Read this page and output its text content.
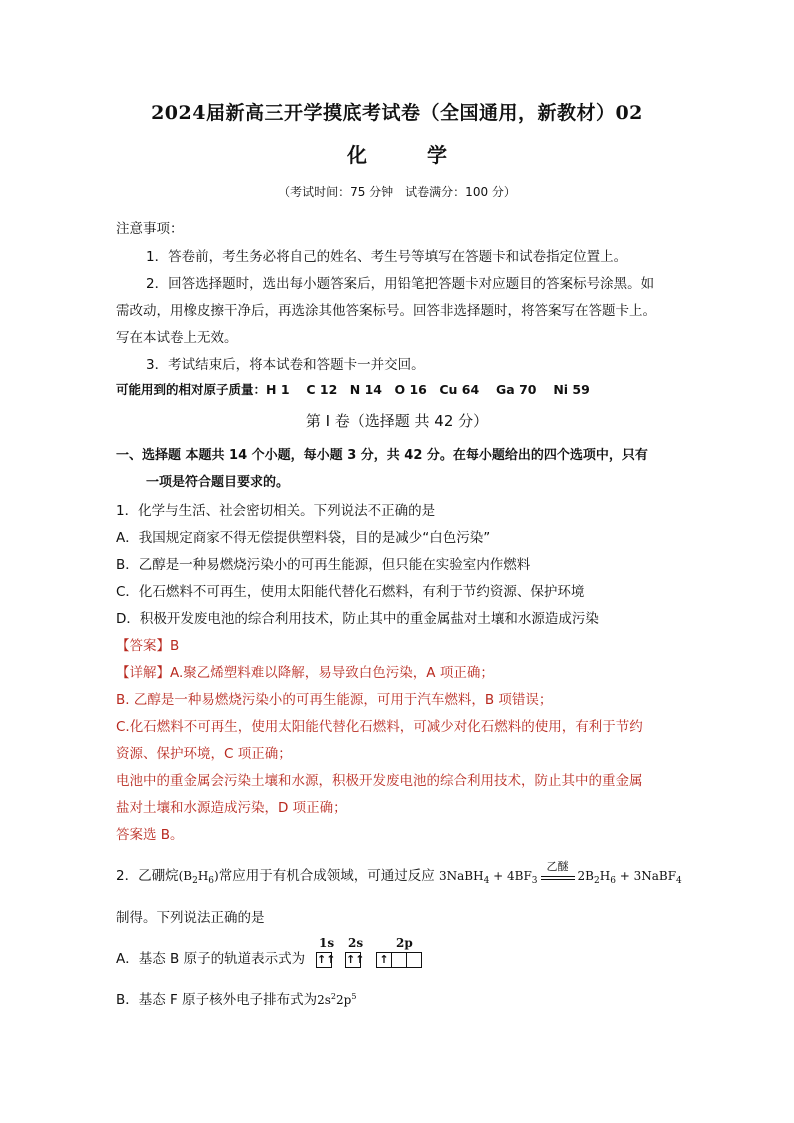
2024届新高三开学摸底考试卷（全国通用，新教材）02
化	学
（考试时间：75 分钟　试卷满分：100 分）
注意事项：
1．答卷前，考生务必将自己的姓名、考生号等填写在答题卡和试卷指定位置上。
2．回答选择题时，选出每小题答案后，用铅笔把答题卡对应题目的答案标号涂黑。如
需改动，用橡皮擦干净后，再选涂其他答案标号。回答非选择题时，将答案写在答题卡上。
写在本试卷上无效。
3．考试结束后，将本试卷和答题卡一并交回。
可能用到的相对原子质量：H 1　 C 12　N 14　O 16　Cu 64　 Ga 70　 Ni 59
第 I 卷（选择题 共 42 分）
一、选择题 本题共 14 个小题，每小题 3 分，共 42 分。在每小题给出的四个选项中，只有
一项是符合题目要求的。
1．化学与生活、社会密切相关。下列说法不正确的是
A．我国规定商家不得无偿提供塑料袋，目的是减少“白色污染”
B．乙醇是一种易燃烧污染小的可再生能源，但只能在实验室内作燃料
C．化石燃料不可再生，使用太阳能代替化石燃料，有利于节约资源、保护环境
D．积极开发废电池的综合利用技术，防止其中的重金属盐对土壤和水源造成污染
【答案】B
【详解】A.聚乙烯塑料难以降解，易导致白色污染，A 项正确；
B. 乙醇是一种易燃烧污染小的可再生能源，可用于汽车燃料，B 项错误；
C.化石燃料不可再生，使用太阳能代替化石燃料，可减少对化石燃料的使用，有利于节约
资源、保护环境，C 项正确；
电池中的重金属会污染土壤和水源，积极开发废电池的综合利用技术，防止其中的重金属
盐对土壤和水源造成污染，D 项正确；
答案选 B。
2．乙硼烷$(B_2H_6)$常应用于有机合成领域，可通过反应 3NaBH$_4$ + $4BF_3$
乙醚
$2B_2H_6$ + 3NaBF$_4$
制得。下列说法正确的是
A．基态 B 原子的轨道表示式为
1s 2s	2p
↑↑ ↑↑	↑
B．基态 F 原子核外电子排布式为$2s^22p^5$
